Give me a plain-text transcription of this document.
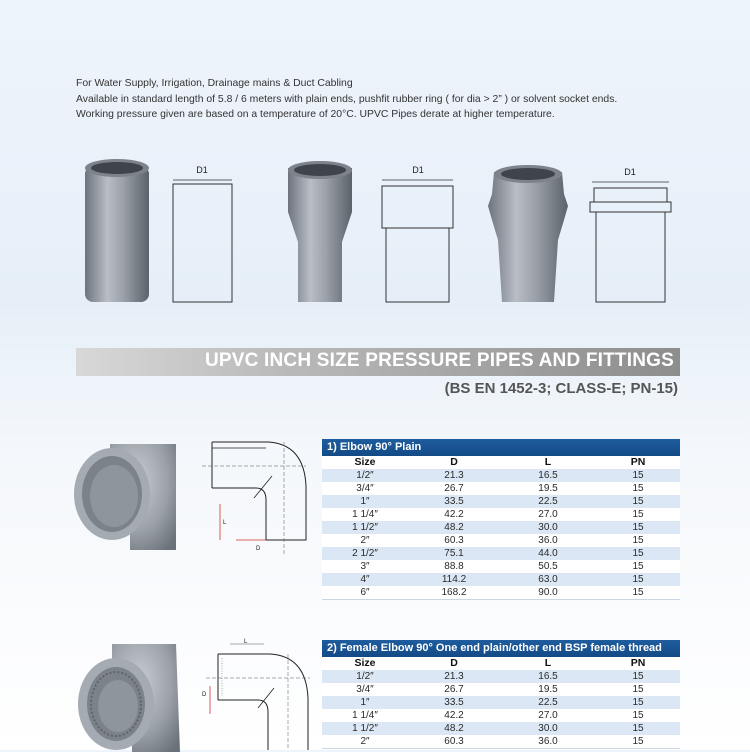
For Water Supply, Irrigation, Drainage mains & Duct Cabling
Available in standard length of 5.8 / 6 meters with plain ends, pushfit rubber ring ( for dia > 2” ) or solvent socket ends.
Working pressure given are based on a temperature of 20°C. UPVC Pipes derate at higher temperature.
D1	D1	D1
UPVC INCH SIZE PRESSURE PIPES AND FITTINGS
(BS EN 1452-3; CLASS-E; PN-15)
L
D
1) Elbow 90° Plain
Size	D	L	PN
1/2″	21.3	16.5	15
3/4″	26.7	19.5	15
1″	33.5	22.5	15
1 1/4″	42.2	27.0	15
1 1/2″	48.2	30.0	15
2″	60.3	36.0	15
2 1/2″	75.1	44.0	15
3″	88.8	50.5	15
4″	114.2	63.0	15
6″	168.2	90.0	15
L
D
2) Female Elbow 90° One end plain/other end BSP female thread
Size	D	L	PN
1/2″	21.3	16.5	15
3/4″	26.7	19.5	15
1″	33.5	22.5	15
1 1/4″	42.2	27.0	15
1 1/2″	48.2	30.0	15
2″	60.3	36.0	15
